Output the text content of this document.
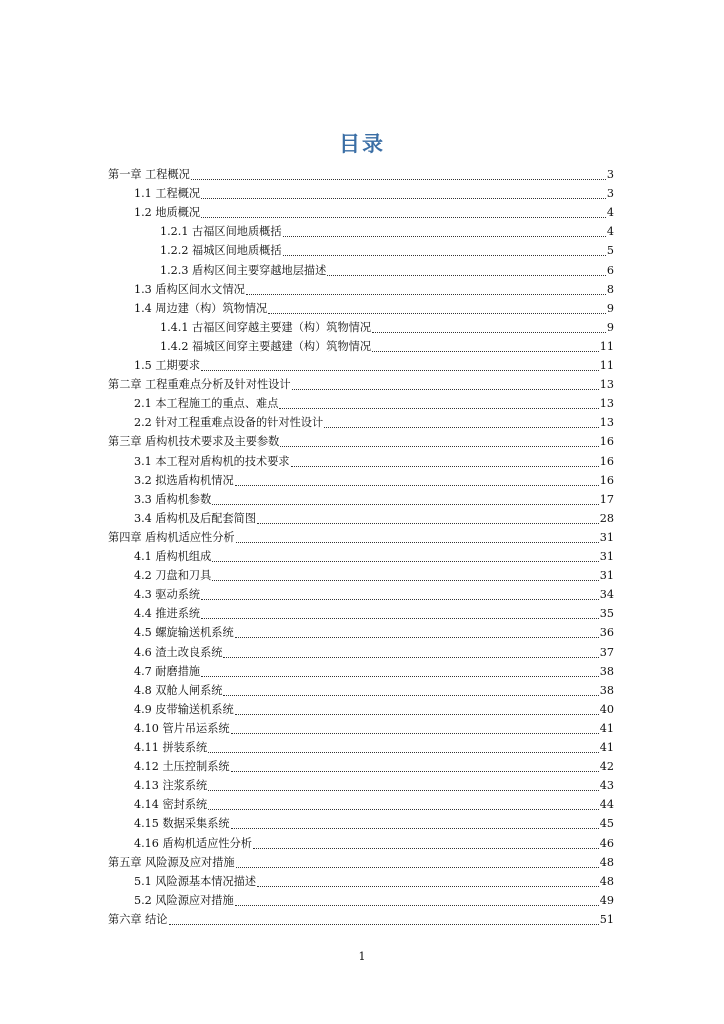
目录
第一章 工程概况	3
1.1 工程概况	3
1.2 地质概况	4
1.2.1 古福区间地质概括	4
1.2.2 福城区间地质概括	5
1.2.3 盾构区间主要穿越地层描述	6
1.3 盾构区间水文情况	8
1.4 周边建（构）筑物情况	9
1.4.1 古福区间穿越主要建（构）筑物情况	9
1.4.2 福城区间穿主要越建（构）筑物情况	11
1.5 工期要求	11
第二章 工程重难点分析及针对性设计	13
2.1 本工程施工的重点、难点	13
2.2 针对工程重难点设备的针对性设计	13
第三章 盾构机技术要求及主要参数	16
3.1 本工程对盾构机的技术要求	16
3.2 拟选盾构机情况	16
3.3 盾构机参数	17
3.4 盾构机及后配套简图	28
第四章 盾构机适应性分析	31
4.1 盾构机组成	31
4.2 刀盘和刀具	31
4.3 驱动系统	34
4.4 推进系统	35
4.5 螺旋输送机系统	36
4.6 渣土改良系统	37
4.7 耐磨措施	38
4.8 双舱人闸系统	38
4.9 皮带输送机系统	40
4.10 管片吊运系统	41
4.11 拼装系统	41
4.12 土压控制系统	42
4.13 注浆系统	43
4.14 密封系统	44
4.15 数据采集系统	45
4.16 盾构机适应性分析	46
第五章 风险源及应对措施	48
5.1 风险源基本情况描述	48
5.2 风险源应对措施	49
第六章 结论	51
1
